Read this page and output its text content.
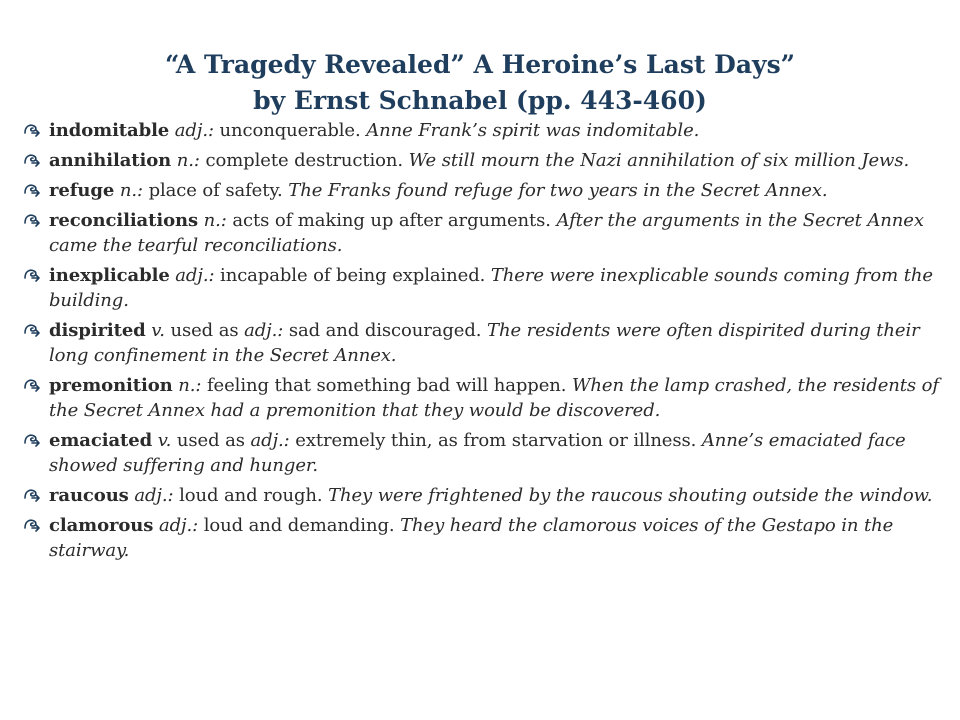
“A Tragedy Revealed” A Heroine’s Last Days”
by Ernst Schnabel (pp. 443-460)
indomitable adj.: unconquerable. Anne Frank’s spirit was indomitable.
annihilation n.: complete destruction. We still mourn the Nazi annihilation of six million Jews.
refuge n.: place of safety. The Franks found refuge for two years in the Secret Annex.
reconciliations n.: acts of making up after arguments. After the arguments in the Secret Annex came the tearful reconciliations.
inexplicable adj.: incapable of being explained. There were inexplicable sounds coming from the building.
dispirited v. used as adj.: sad and discouraged. The residents were often dispirited during their long confinement in the Secret Annex.
premonition n.: feeling that something bad will happen. When the lamp crashed, the residents of the Secret Annex had a premonition that they would be discovered.
emaciated v. used as adj.: extremely thin, as from starvation or illness. Anne’s emaciated face showed suffering and hunger.
raucous adj.: loud and rough. They were frightened by the raucous shouting outside the window.
clamorous adj.: loud and demanding. They heard the clamorous voices of the Gestapo in the stairway.
